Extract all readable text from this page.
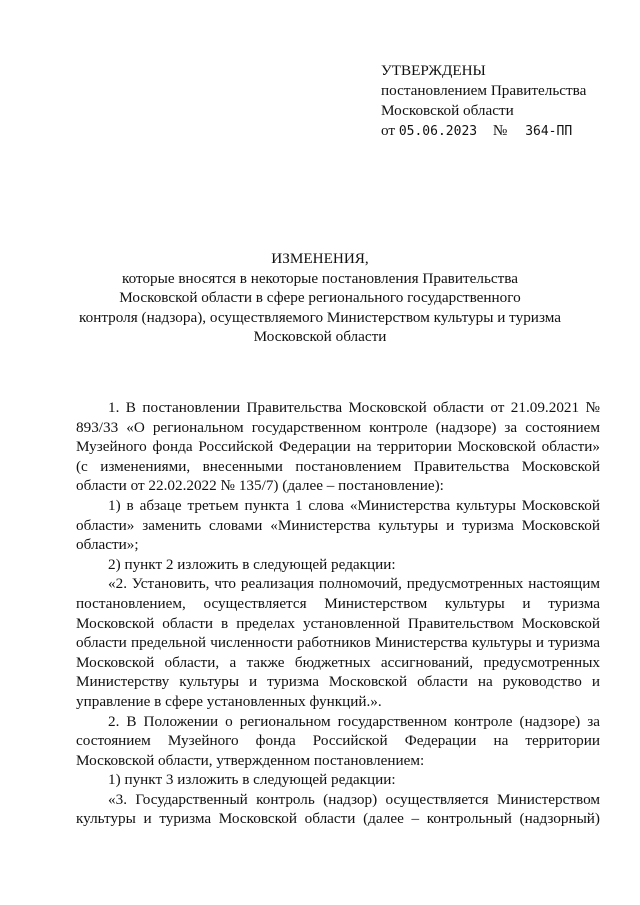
УТВЕРЖДЕНЫ
постановлением Правительства
Московской области
от 05.06.2023 № 364-ПП
ИЗМЕНЕНИЯ,
которые вносятся в некоторые постановления Правительства
Московской области в сфере регионального государственного
контроля (надзора), осуществляемого Министерством культуры и туризма
Московской области

1. В постановлении Правительства Московской области от 21.09.2021 № 893/33 «О региональном государственном контроле (надзоре) за состоянием Музейного фонда Российской Федерации на территории Московской области» (с изменениями, внесенными постановлением Правительства Московской области от 22.02.2022 № 135/7) (далее – постановление):

1) в абзаце третьем пункта 1 слова «Министерства культуры Московской области» заменить словами «Министерства культуры и туризма Московской области»;

2) пункт 2 изложить в следующей редакции:

«2. Установить, что реализация полномочий, предусмотренных настоящим постановлением, осуществляется Министерством культуры и туризма Московской области в пределах установленной Правительством Московской области предельной численности работников Министерства культуры и туризма Московской области, а также бюджетных ассигнований, предусмотренных Министерству культуры и туризма Московской области на руководство и управление в сфере установленных функций.».

2. В Положении о региональном государственном контроле (надзоре) за состоянием Музейного фонда Российской Федерации на территории Московской области, утвержденном постановлением:

1) пункт 3 изложить в следующей редакции:

«3. Государственный контроль (надзор) осуществляется Министерством культуры и туризма Московской области (далее – контрольный (надзорный)
